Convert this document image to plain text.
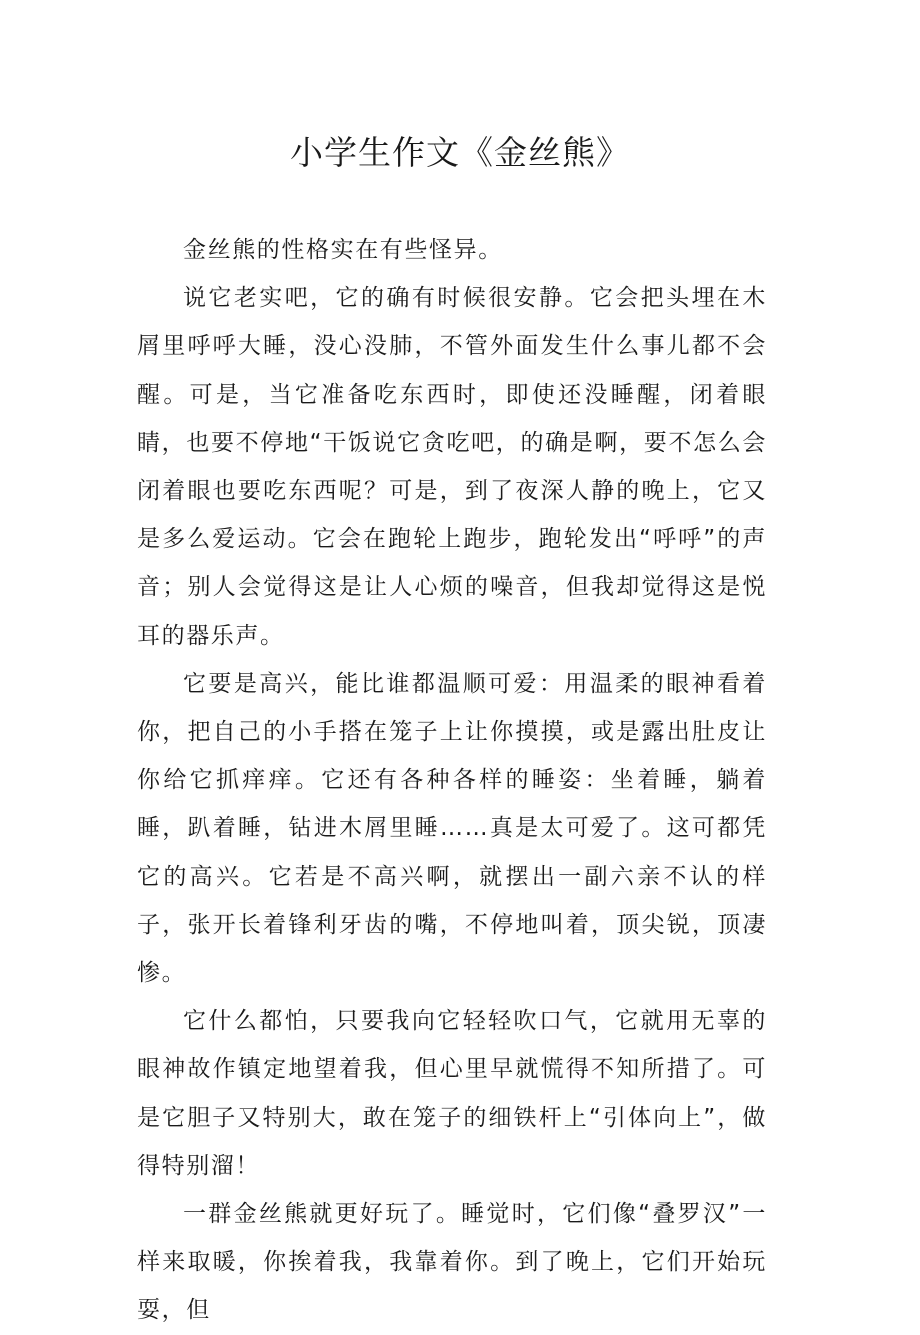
小学生作文《金丝熊》

金丝熊的性格实在有些怪异。

说它老实吧，它的确有时候很安静。它会把头埋在木屑里呼呼大睡，没心没肺，不管外面发生什么事儿都不会醒。可是，当它准备吃东西时，即使还没睡醒，闭着眼睛，也要不停地“干饭说它贪吃吧，的确是啊，要不怎么会闭着眼也要吃东西呢？可是，到了夜深人静的晚上，它又是多么爱运动。它会在跑轮上跑步，跑轮发出“呼呼”的声音；别人会觉得这是让人心烦的噪音，但我却觉得这是悦耳的器乐声。

它要是高兴，能比谁都温顺可爱：用温柔的眼神看着你，把自己的小手搭在笼子上让你摸摸，或是露出肚皮让你给它抓痒痒。它还有各种各样的睡姿：坐着睡，躺着睡，趴着睡，钻进木屑里睡……真是太可爱了。这可都凭它的高兴。它若是不高兴啊，就摆出一副六亲不认的样子，张开长着锋利牙齿的嘴，不停地叫着，顶尖锐，顶凄惨。

它什么都怕，只要我向它轻轻吹口气，它就用无辜的眼神故作镇定地望着我，但心里早就慌得不知所措了。可是它胆子又特别大，敢在笼子的细铁杆上“引体向上”，做得特别溜！

一群金丝熊就更好玩了。睡觉时，它们像“叠罗汉”一样来取暖，你挨着我，我靠着你。到了晚上，它们开始玩耍，但
